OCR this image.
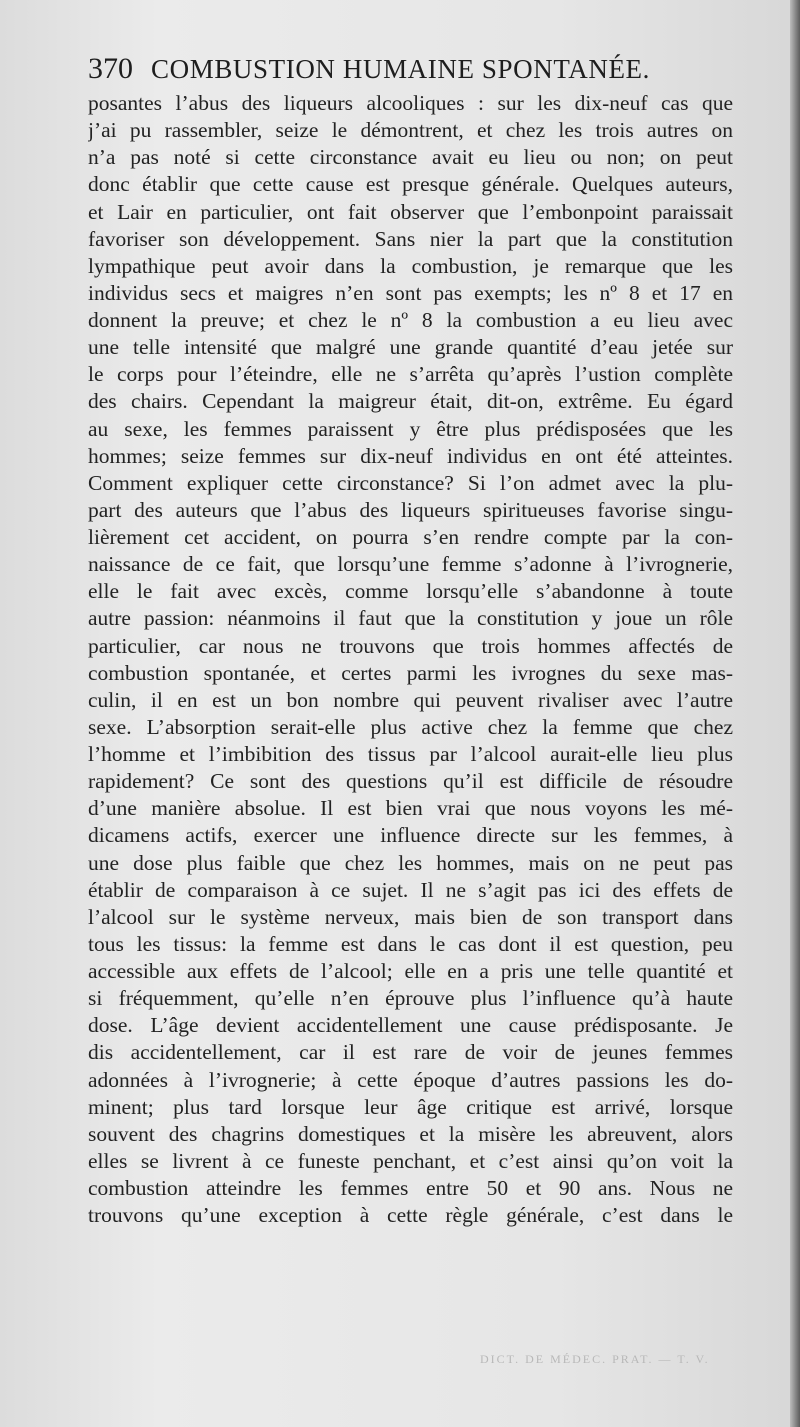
370 COMBUSTION HUMAINE SPONTANÉE.
posantes l’abus des liqueurs alcooliques : sur les dix-neuf cas que
j’ai pu rassembler, seize le démontrent, et chez les trois autres on
n’a pas noté si cette circonstance avait eu lieu ou non; on peut
donc établir que cette cause est presque générale. Quelques auteurs,
et Lair en particulier, ont fait observer que l’embonpoint paraissait
favoriser son développement. Sans nier la part que la constitution
lympathique peut avoir dans la combustion, je remarque que les
individus secs et maigres n’en sont pas exempts; les nº 8 et 17 en
donnent la preuve; et chez le nº 8 la combustion a eu lieu avec
une telle intensité que malgré une grande quantité d’eau jetée sur
le corps pour l’éteindre, elle ne s’arrêta qu’après l’ustion complète
des chairs. Cependant la maigreur était, dit-on, extrême. Eu égard
au sexe, les femmes paraissent y être plus prédisposées que les
hommes; seize femmes sur dix-neuf individus en ont été atteintes.
Comment expliquer cette circonstance? Si l’on admet avec la plu-
part des auteurs que l’abus des liqueurs spiritueuses favorise singu-
lièrement cet accident, on pourra s’en rendre compte par la con-
naissance de ce fait, que lorsqu’une femme s’adonne à l’ivrognerie,
elle le fait avec excès, comme lorsqu’elle s’abandonne à toute
autre passion: néanmoins il faut que la constitution y joue un rôle
particulier, car nous ne trouvons que trois hommes affectés de
combustion spontanée, et certes parmi les ivrognes du sexe mas-
culin, il en est un bon nombre qui peuvent rivaliser avec l’autre
sexe. L’absorption serait-elle plus active chez la femme que chez
l’homme et l’imbibition des tissus par l’alcool aurait-elle lieu plus
rapidement? Ce sont des questions qu’il est difficile de résoudre
d’une manière absolue. Il est bien vrai que nous voyons les mé-
dicamens actifs, exercer une influence directe sur les femmes, à
une dose plus faible que chez les hommes, mais on ne peut pas
établir de comparaison à ce sujet. Il ne s’agit pas ici des effets de
l’alcool sur le système nerveux, mais bien de son transport dans
tous les tissus: la femme est dans le cas dont il est question, peu
accessible aux effets de l’alcool; elle en a pris une telle quantité et
si fréquemment, qu’elle n’en éprouve plus l’influence qu’à haute
dose. L’âge devient accidentellement une cause prédisposante. Je
dis accidentellement, car il est rare de voir de jeunes femmes
adonnées à l’ivrognerie; à cette époque d’autres passions les do-
minent; plus tard lorsque leur âge critique est arrivé, lorsque
souvent des chagrins domestiques et la misère les abreuvent, alors
elles se livrent à ce funeste penchant, et c’est ainsi qu’on voit la
combustion atteindre les femmes entre 50 et 90 ans. Nous ne
trouvons qu’une exception à cette règle générale, c’est dans le
DICT. DE MÉDEC. PRAT. — T. V.
